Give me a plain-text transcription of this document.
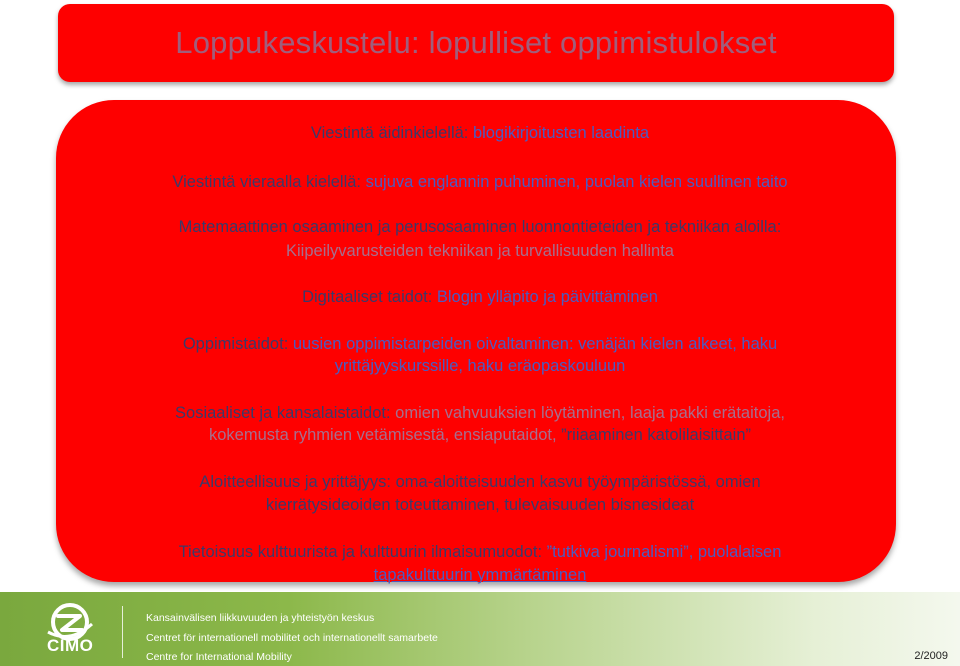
Loppukeskustelu: lopulliset oppimistulokset
Viestintä äidinkielellä: blogikirjoitusten laadinta
Viestintä vieraalla kielellä: sujuva englannin puhuminen, puolan kielen suullinen taito
Matemaattinen osaaminen ja perusosaaminen luonnontieteiden ja tekniikan aloilla:
Kiipeilyvarusteiden tekniikan ja turvallisuuden hallinta
Digitaaliset taidot: Blogin ylläpito ja päivittäminen
Oppimistaidot: uusien oppimistarpeiden oivaltaminen: venäjän kielen alkeet, haku
yrittäjyyskurssille, haku eräopaskouluun
Sosiaaliset ja kansalaistaidot: omien vahvuuksien löytäminen, laaja pakki erätaitoja,
kokemusta ryhmien vetämisestä, ensiaputaidot, ”riiaaminen katolilaisittain”
Aloitteellisuus ja yrittäjyys: oma-aloitteisuuden kasvu työympäristössä, omien
kierrätysideoiden toteuttaminen, tulevaisuuden bisnesideat
Tietoisuus kulttuurista ja kulttuurin ilmaisumuodot: ”tutkiva journalismi”, puolalaisen
tapakulttuurin ymmärtäminen
CIMO
Kansainvälisen liikkuvuuden ja yhteistyön keskus
Centret för internationell mobilitet och internationellt samarbete
Centre for International Mobility	2/2009
